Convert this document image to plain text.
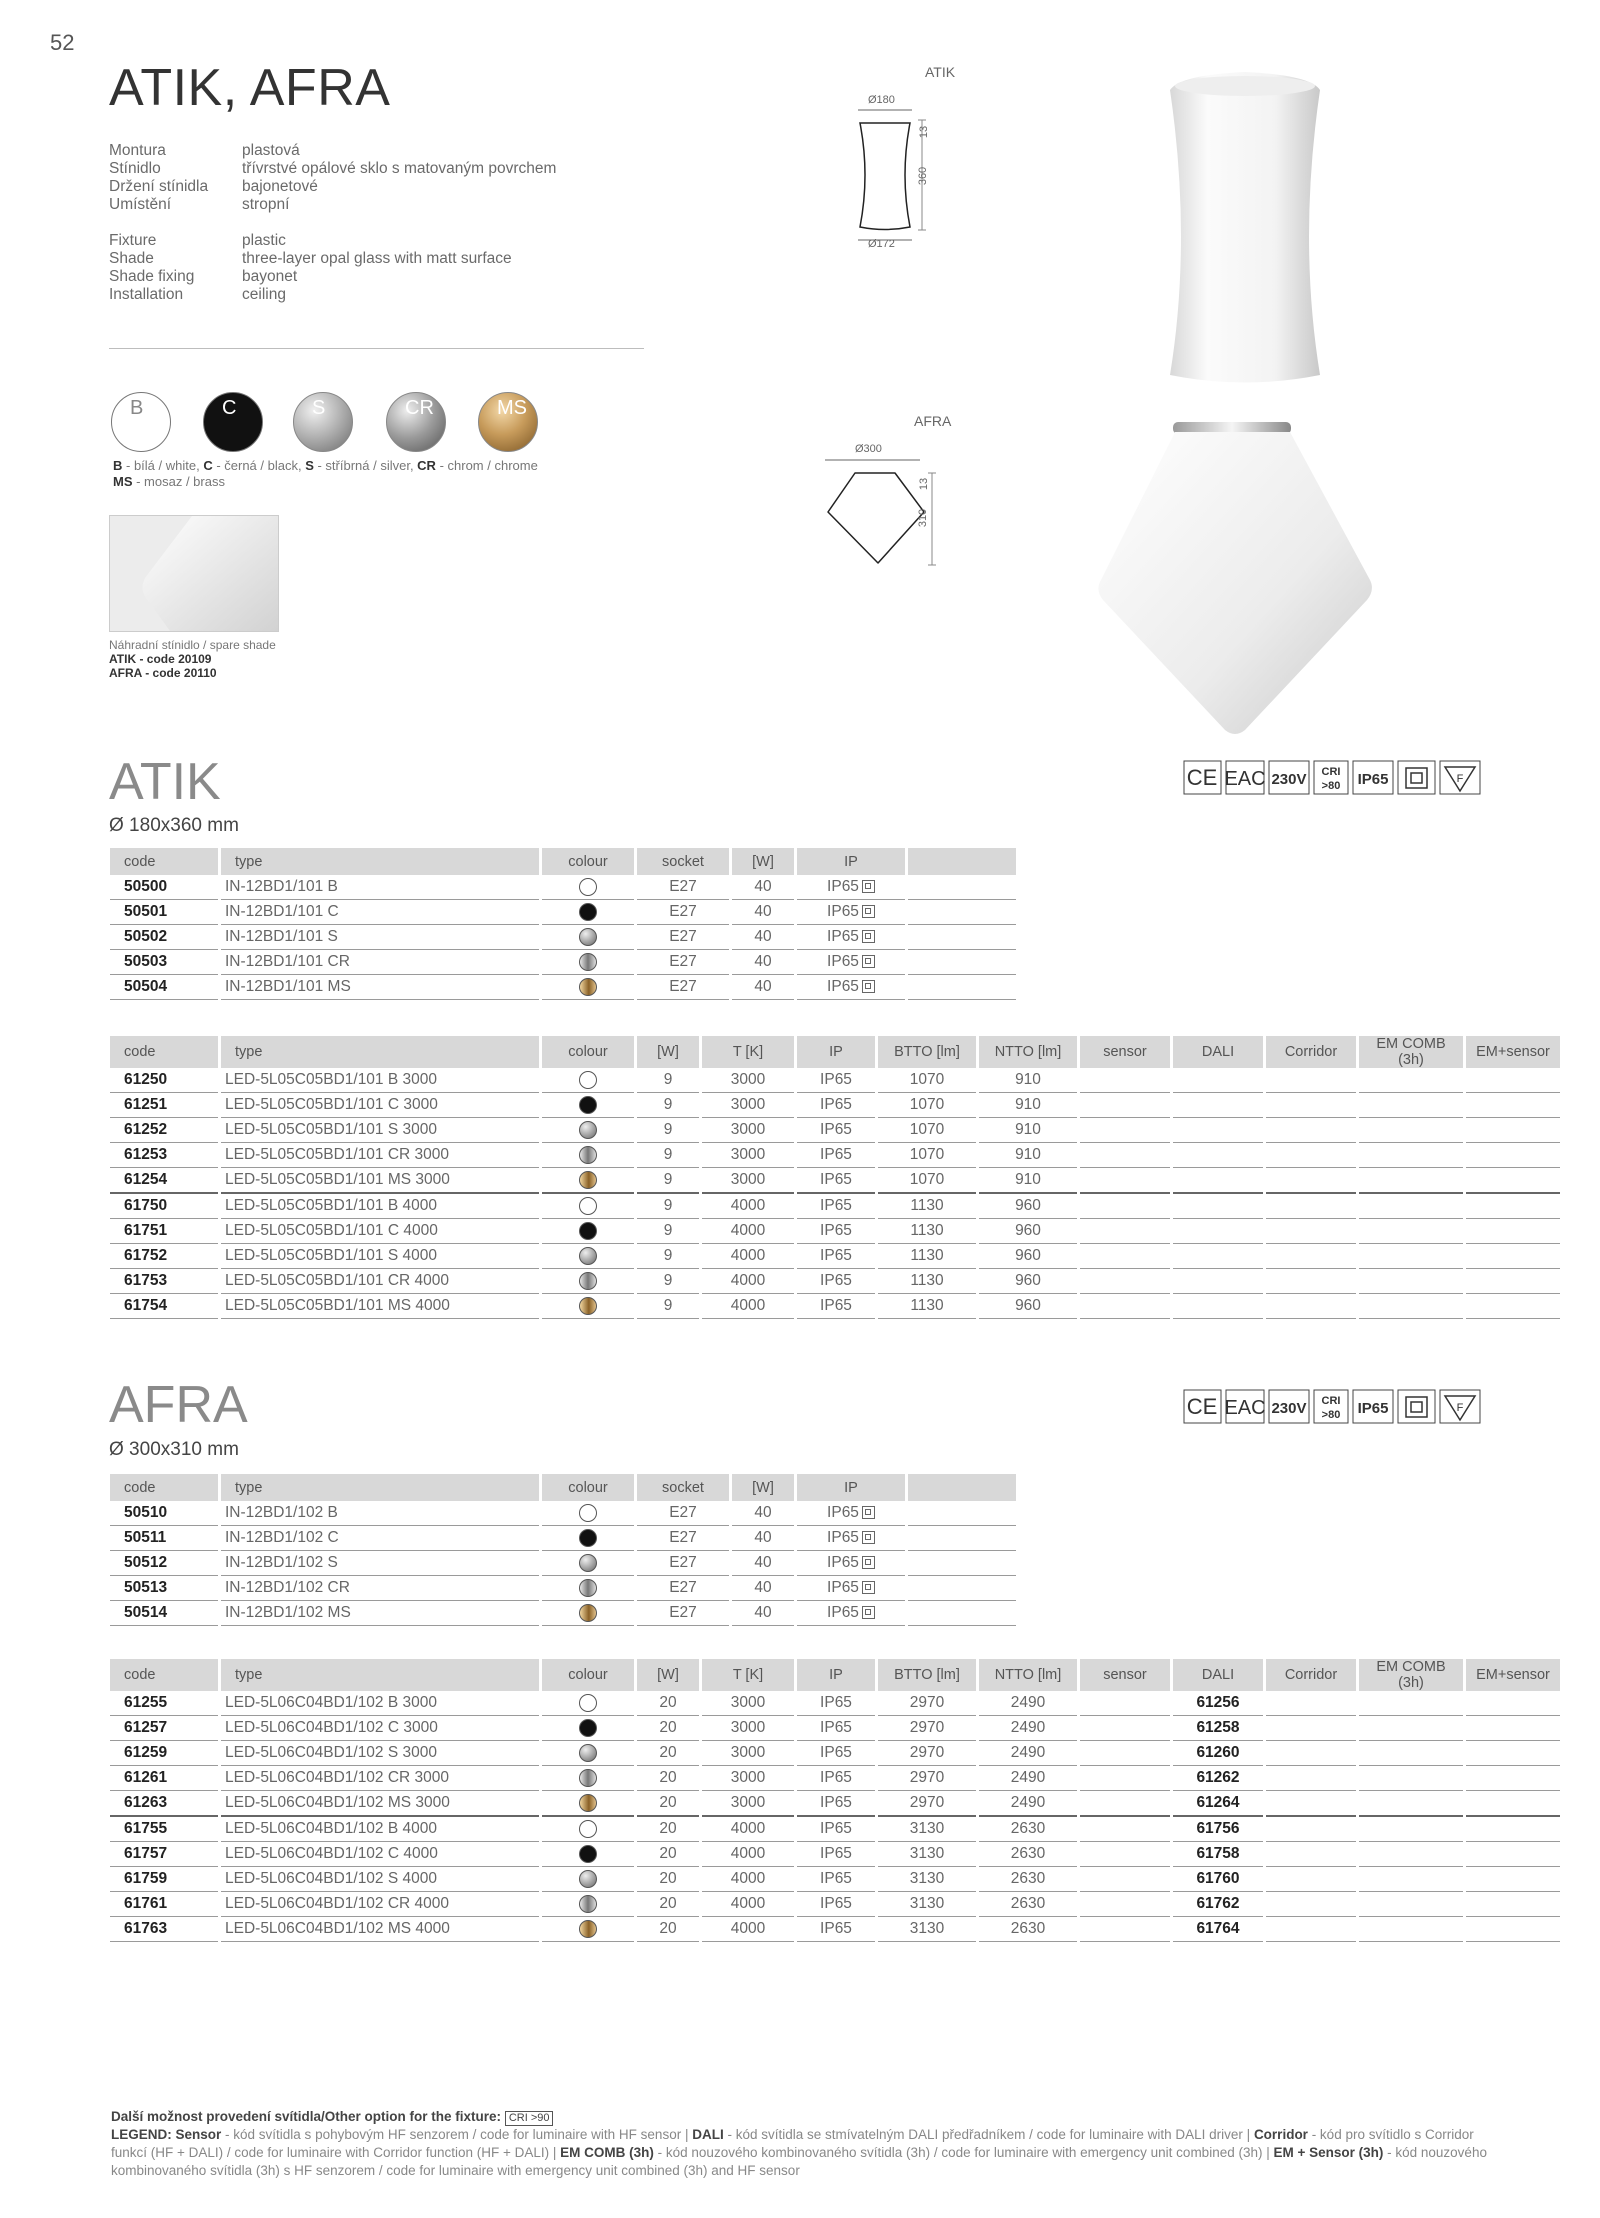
52
ATIK, AFRA
Montura	plastová
Stínidlo	třívrstvé opálové sklo s matovaným povrchem
Držení stínidla	bajonetové
Umístění	stropní
Fixture	plastic
Shade	three-layer opal glass with matt surface
Shade fixing	bayonet
Installation	ceiling
B	C	S	CR	MS
B - bílá / white, C - černá / black, S - stříbrná / silver, CR - chrom / chrome
MS - mosaz / brass
Náhradní stínidlo / spare shade
ATIK - code 20109
AFRA - code 20110
ATIK
Ø180
Ø172
13
360
AFRA
Ø300
13
310
ATIK
Ø 180x360 mm
CE EAC 230V CRI
>80 IP65	F
code	type	colour	socket	[W]	IP	
50500	IN-12BD1/101 B		E27	40	IP65	
50501	IN-12BD1/101 C		E27	40	IP65	
50502	IN-12BD1/101 S		E27	40	IP65	
50503	IN-12BD1/101 CR		E27	40	IP65	
50504	IN-12BD1/101 MS		E27	40	IP65	
code	type	colour	[W]	T [K]	IP	BTTO [lm]	NTTO [lm]	sensor	DALI	Corridor	EM COMB (3h)	EM+sensor
61250	LED-5L05C05BD1/101 B 3000		9	3000	IP65	1070	910					
61251	LED-5L05C05BD1/101 C 3000		9	3000	IP65	1070	910					
61252	LED-5L05C05BD1/101 S 3000		9	3000	IP65	1070	910					
61253	LED-5L05C05BD1/101 CR 3000		9	3000	IP65	1070	910					
61254	LED-5L05C05BD1/101 MS 3000		9	3000	IP65	1070	910					
61750	LED-5L05C05BD1/101 B 4000		9	4000	IP65	1130	960					
61751	LED-5L05C05BD1/101 C 4000		9	4000	IP65	1130	960					
61752	LED-5L05C05BD1/101 S 4000		9	4000	IP65	1130	960					
61753	LED-5L05C05BD1/101 CR 4000		9	4000	IP65	1130	960					
61754	LED-5L05C05BD1/101 MS 4000		9	4000	IP65	1130	960					
AFRA
Ø 300x310 mm
CE EAC 230V CRI
>80 IP65	F
code	type	colour	socket	[W]	IP	
50510	IN-12BD1/102 B		E27	40	IP65	
50511	IN-12BD1/102 C		E27	40	IP65	
50512	IN-12BD1/102 S		E27	40	IP65	
50513	IN-12BD1/102 CR		E27	40	IP65	
50514	IN-12BD1/102 MS		E27	40	IP65	
code	type	colour	[W]	T [K]	IP	BTTO [lm]	NTTO [lm]	sensor	DALI	Corridor	EM COMB (3h)	EM+sensor
61255	LED-5L06C04BD1/102 B 3000		20	3000	IP65	2970	2490		61256			
61257	LED-5L06C04BD1/102 C 3000		20	3000	IP65	2970	2490		61258			
61259	LED-5L06C04BD1/102 S 3000		20	3000	IP65	2970	2490		61260			
61261	LED-5L06C04BD1/102 CR 3000		20	3000	IP65	2970	2490		61262			
61263	LED-5L06C04BD1/102 MS 3000		20	3000	IP65	2970	2490		61264			
61755	LED-5L06C04BD1/102 B 4000		20	4000	IP65	3130	2630		61756			
61757	LED-5L06C04BD1/102 C 4000		20	4000	IP65	3130	2630		61758			
61759	LED-5L06C04BD1/102 S 4000		20	4000	IP65	3130	2630		61760			
61761	LED-5L06C04BD1/102 CR 4000		20	4000	IP65	3130	2630		61762			
61763	LED-5L06C04BD1/102 MS 4000		20	4000	IP65	3130	2630		61764			
Další možnost provedení svítidla/Other option for the fixture: CRI >90
LEGEND: Sensor - kód svítidla s pohybovým HF senzorem / code for luminaire with HF sensor | DALI - kód svítidla se stmívatelným DALI předřadníkem / code for luminaire with DALI driver | Corridor - kód pro svítidlo s Corridor funkcí (HF + DALI) / code for luminaire with Corridor function (HF + DALI) | EM COMB (3h) - kód nouzového kombinovaného svítidla (3h) / code for luminaire with emergency unit combined (3h) | EM + Sensor (3h) - kód nouzového kombinovaného svítidla (3h) s HF senzorem / code for luminaire with emergency unit combined (3h) and HF sensor
